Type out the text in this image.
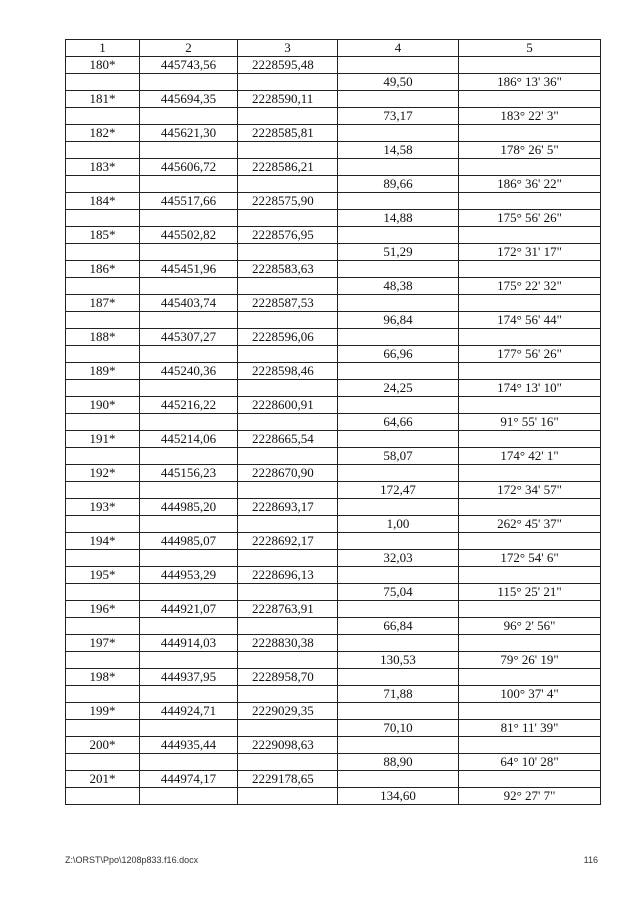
1	2	3	4	5
180*	445743,56	2228595,48		
			49,50	186° 13' 36"
181*	445694,35	2228590,11		
			73,17	183° 22' 3"
182*	445621,30	2228585,81		
			14,58	178° 26' 5"
183*	445606,72	2228586,21		
			89,66	186° 36' 22"
184*	445517,66	2228575,90		
			14,88	175° 56' 26"
185*	445502,82	2228576,95		
			51,29	172° 31' 17"
186*	445451,96	2228583,63		
			48,38	175° 22' 32"
187*	445403,74	2228587,53		
			96,84	174° 56' 44"
188*	445307,27	2228596,06		
			66,96	177° 56' 26"
189*	445240,36	2228598,46		
			24,25	174° 13' 10"
190*	445216,22	2228600,91		
			64,66	91° 55' 16"
191*	445214,06	2228665,54		
			58,07	174° 42' 1"
192*	445156,23	2228670,90		
			172,47	172° 34' 57"
193*	444985,20	2228693,17		
			1,00	262° 45' 37"
194*	444985,07	2228692,17		
			32,03	172° 54' 6"
195*	444953,29	2228696,13		
			75,04	115° 25' 21"
196*	444921,07	2228763,91		
			66,84	96° 2' 56"
197*	444914,03	2228830,38		
			130,53	79° 26' 19"
198*	444937,95	2228958,70		
			71,88	100° 37' 4"
199*	444924,71	2229029,35		
			70,10	81° 11' 39"
200*	444935,44	2229098,63		
			88,90	64° 10' 28"
201*	444974,17	2229178,65		
			134,60	92° 27' 7"
Z:\ORST\Ppo\1208p833.f16.docx	116
